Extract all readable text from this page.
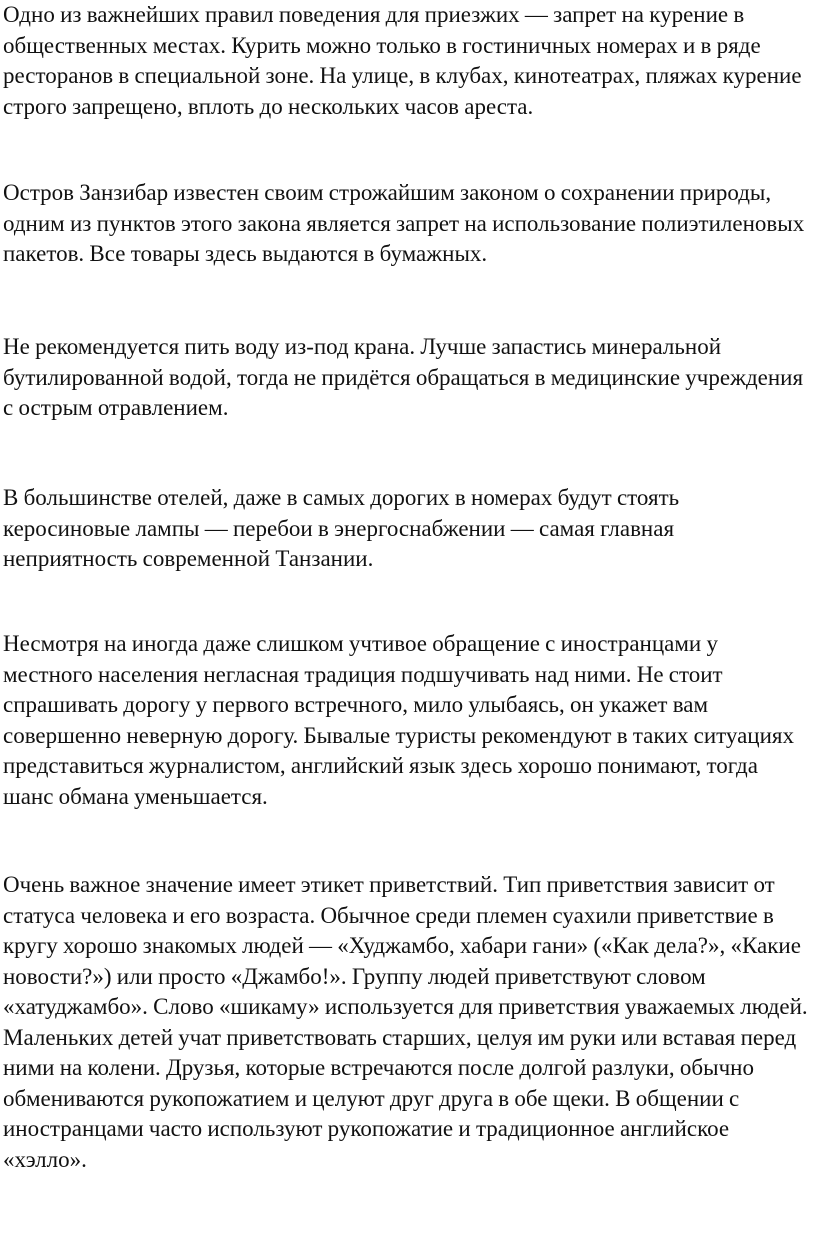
Одно из важнейших правил поведения для приезжих — запрет на курение в общественных местах. Курить можно только в гостиничных номерах и в ряде ресторанов в специальной зоне. На улице, в клубах, кинотеатрах, пляжах курение строго запрещено, вплоть до нескольких часов ареста.

Остров Занзибар известен своим строжайшим законом о сохранении природы, одним из пунктов этого закона является запрет на использование полиэтиленовых пакетов. Все товары здесь выдаются в бумажных.

Не рекомендуется пить воду из-под крана. Лучше запастись минеральной бутилированной водой, тогда не придётся обращаться в медицинские учреждения с острым отравлением.

В большинстве отелей, даже в самых дорогих в номерах будут стоять керосиновые лампы — перебои в энергоснабжении — самая главная неприятность современной Танзании.

Несмотря на иногда даже слишком учтивое обращение с иностранцами у местного населения негласная традиция подшучивать над ними. Не стоит спрашивать дорогу у первого встречного, мило улыбаясь, он укажет вам совершенно неверную дорогу. Бывалые туристы рекомендуют в таких ситуациях представиться журналистом, английский язык здесь хорошо понимают, тогда шанс обмана уменьшается.

Очень важное значение имеет этикет приветствий. Тип приветствия зависит от статуса человека и его возраста. Обычное среди племен суахили приветствие в кругу хорошо знакомых людей — «Худжамбо, хабари гани» («Как дела?», «Какие новости?») или просто «Джамбо!». Группу людей приветствуют словом «хатуджамбо». Слово «шикаму» используется для приветствия уважаемых людей. Маленьких детей учат приветствовать старших, целуя им руки или вставая перед ними на колени. Друзья, которые встречаются после долгой разлуки, обычно обмениваются рукопожатием и целуют друг друга в обе щеки. В общении с иностранцами часто используют рукопожатие и традиционное английское «хэлло».
